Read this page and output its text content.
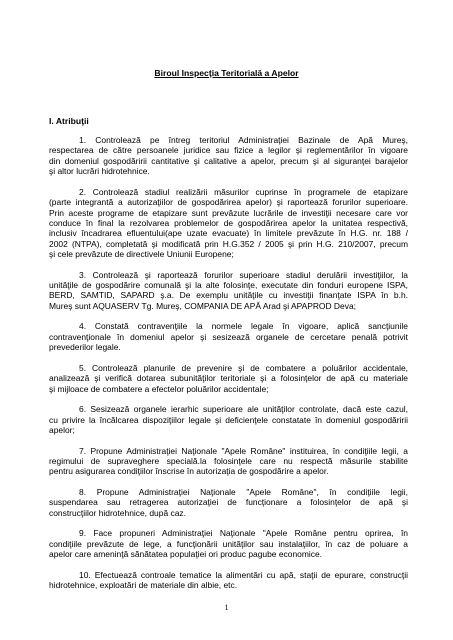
Biroul Inspecţia Teritorială a Apelor
I. Atribuţii
1. Controlează pe întreg teritoriul Administraţiei Bazinale de Apă Mureş,
respectarea de către persoanele juridice sau fizice a legilor şi reglementărilor în vigoare
din domeniul gospodăririi cantitative şi calitative a apelor, precum şi al siguranţei barajelor
şi altor lucrări hidrotehnice.
2. Controlează stadiul realizării măsurilor cuprinse în programele de etapizare
(parte integrantă a autorizaţiilor de gospodărirea apelor) şi raportează forurilor superioare.
Prin aceste programe de etapizare sunt prevăzute lucrările de investiţii necesare care vor
conduce în final la rezolvarea problemelor de gospodărirea apelor la unitatea respectivă,
inclusiv încadrarea efluentului(ape uzate evacuate) în limitele prevăzute în H.G. nr. 188 /
2002 (NTPA), completată şi modificată prin H.G.352 / 2005 şi prin H.G. 210/2007, precum
şi cele prevăzute de directivele Uniunii Europene;
3. Controlează şi raportează forurilor superioare stadiul derulării investiţiilor, la
unităţile de gospodărire comunală şi la alte folosinţe, executate din fonduri europene ISPA,
BERD, SAMTID, SAPARD ş.a. De exemplu unităţile cu investiţii finanţate ISPA în b.h.
Mureş sunt AQUASERV Tg. Mureş, COMPANIA DE APĂ Arad şi APAPROD Deva;
4. Constată contravenţiile la normele legale în vigoare, aplică sancţiunile
contravenţionale în domeniul apelor şi sesizează organele de cercetare penală potrivit
prevederilor legale.
5. Controlează planurile de prevenire şi de combatere a poluărilor accidentale,
analizează şi verifică dotarea subunităţilor teritoriale şi a folosinţelor de apă cu materiale
şi mijloace de combatere a efectelor poluărilor accidentale;
6. Sesizează organele ierarhic superioare ale unităţilor controlate, dacă este cazul,
cu privire la încălcarea dispoziţiilor legale şi deficienţele constatate în domeniul gospodăririi
apelor;
7. Propune Administraţiei Naţionale "Apele Române" instituirea, în condiţiile legii, a
regimului de supraveghere specială.la folosinţele care nu respectă măsurile stabilite
pentru asigurarea condiţiilor înscrise în autorizaţia de gospodărire a apelor.
8. Propune Administraţiei Naţionale "Apele Române", în condiţiile legii,
suspendarea sau retragerea autorizaţiei de funcţionare a folosinţelor de apă şi
construcţiilor hidrotehnice, după caz.
9. Face propuneri Administraţiei Naţionale "Apele Române pentru oprirea, în
condiţiile prevăzute de lege, a funcţionării unităţilor sau instalaţiilor, în caz de poluare a
apelor care ameninţă sănătatea populaţiei ori produc pagube economice.
10. Efectuează controale tematice la alimentări cu apă, staţii de epurare, construcţii
hidrotehnice, exploatări de materiale din albie, etc.
1
